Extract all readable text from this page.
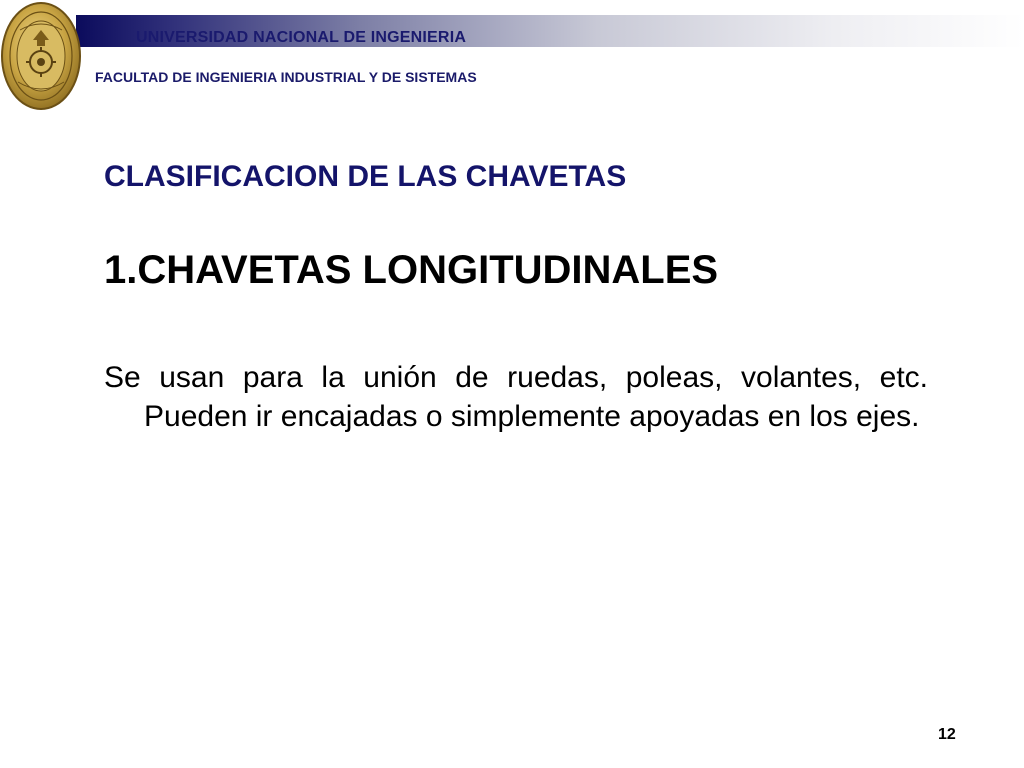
UNIVERSIDAD NACIONAL DE INGENIERIA
FACULTAD DE INGENIERIA INDUSTRIAL Y DE SISTEMAS
CLASIFICACION DE LAS CHAVETAS
1.CHAVETAS LONGITUDINALES

Se usan para la unión de ruedas, poleas, volantes, etc. Pueden ir encajadas o simplemente apoyadas en los ejes.

12
